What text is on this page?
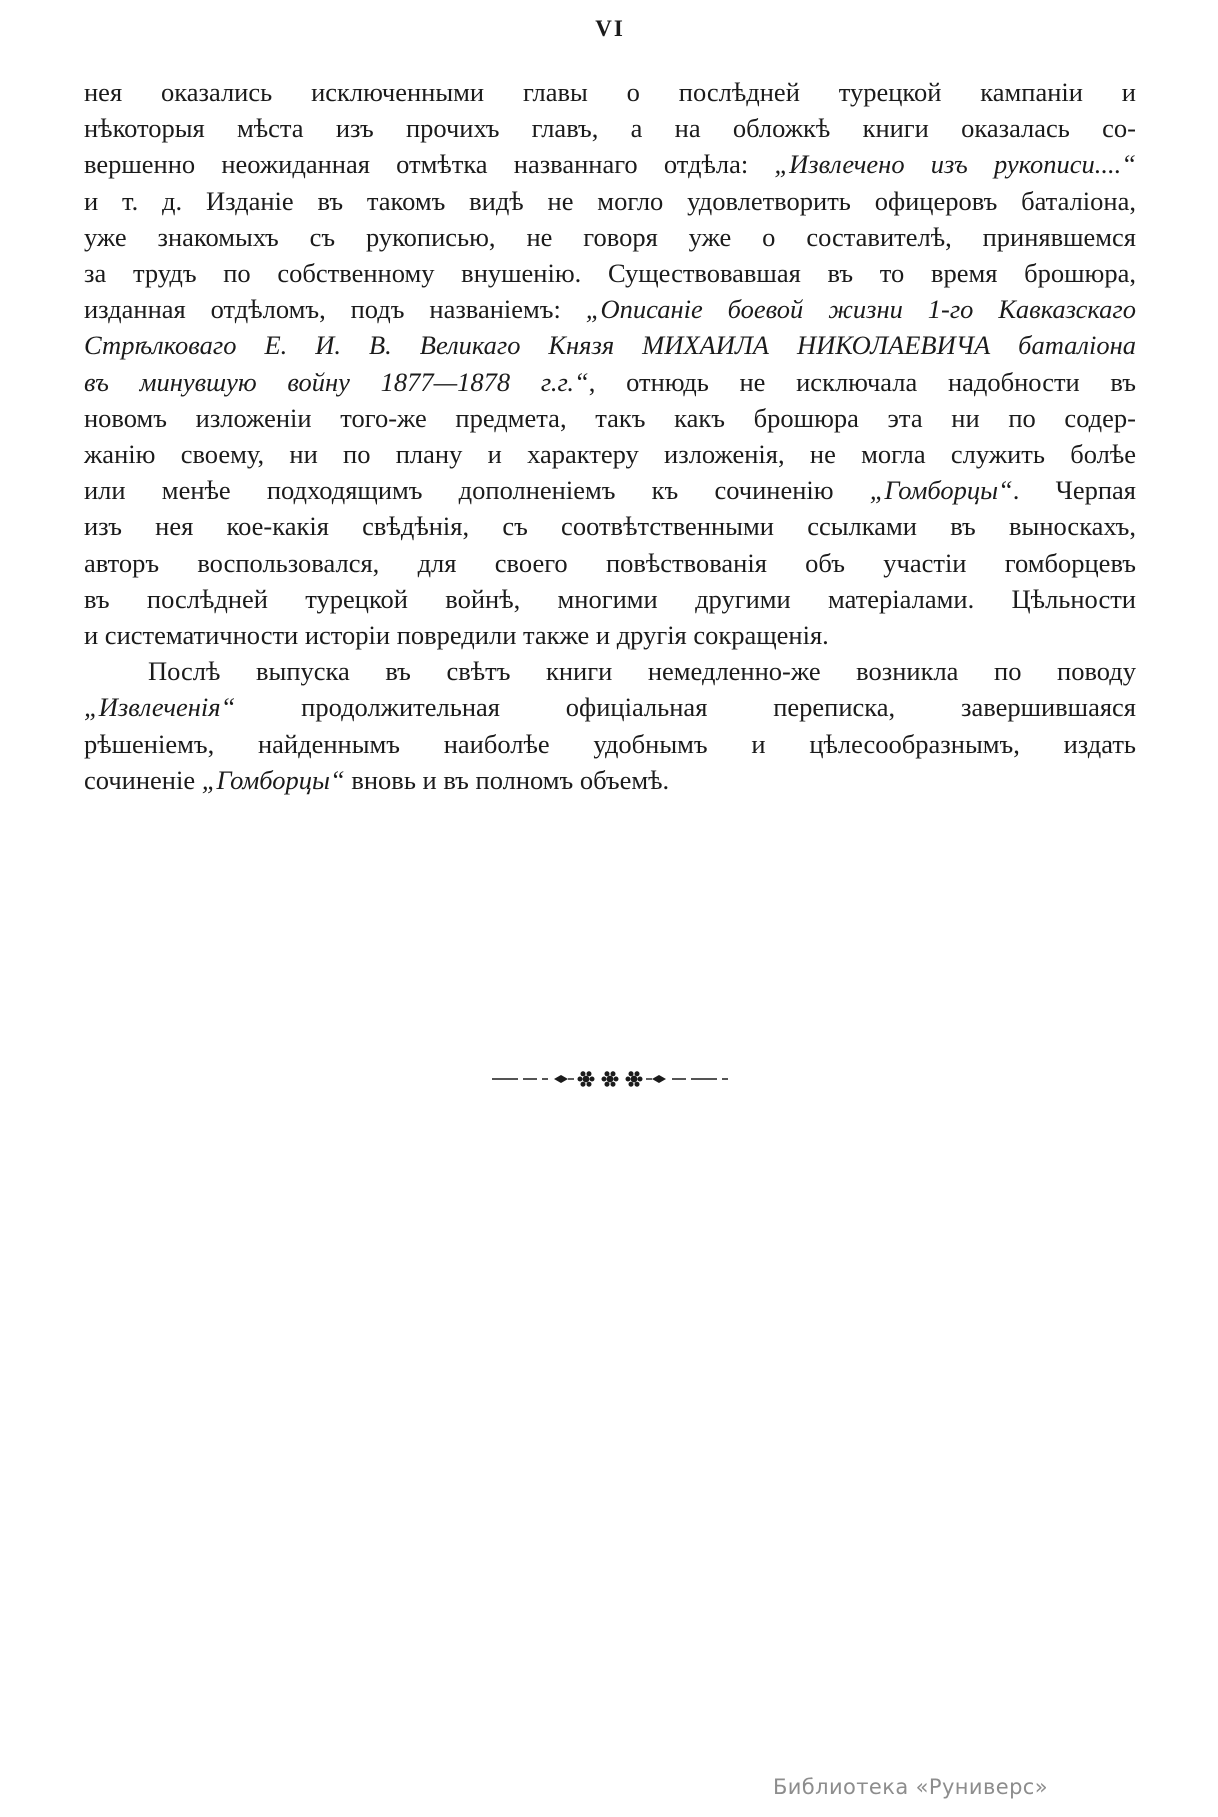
VI
нея оказались исключенными главы о послѣдней турецкой кампаніи и
нѣкоторыя мѣста изъ прочихъ главъ, а на обложкѣ книги оказалась со-
вершенно неожиданная отмѣтка названнаго отдѣла: „Извлечено изъ рукописи....“
и т. д. Изданіе въ такомъ видѣ не могло удовлетворить офицеровъ баталіона,
уже знакомыхъ съ рукописью, не говоря уже о составителѣ, принявшемся
за трудъ по собственному внушенію. Существовавшая въ то время брошюра,
изданная отдѣломъ, подъ названіемъ: „Описаніе боевой жизни 1-го Кавказскаго
Стрѣлковаго Е. И. В. Великаго Князя МИХАИЛА НИКОЛАЕВИЧА баталіона
въ минувшую войну 1877—1878 г.г.“, отнюдь не исключала надобности въ
новомъ изложеніи того-же предмета, такъ какъ брошюра эта ни по содер-
жанію своему, ни по плану и характеру изложенія, не могла служить болѣе
или менѣе подходящимъ дополненіемъ къ сочиненію „Гомборцы“. Черпая
изъ нея кое-какія свѣдѣнія, съ соотвѣтственными ссылками въ выноскахъ,
авторъ воспользовался, для своего повѣствованія объ участіи гомборцевъ
въ послѣдней турецкой войнѣ, многими другими матеріалами. Цѣльности
и систематичности исторіи повредили также и другія сокращенія.
Послѣ выпуска въ свѣтъ книги немедленно-же возникла по поводу
„Извлеченія“ продолжительная офиціальная переписка, завершившаяся
рѣшеніемъ, найденнымъ наиболѣе удобнымъ и цѣлесообразнымъ, издать
сочиненіе „Гомборцы“ вновь и въ полномъ объемѣ.
Библиотека «Руниверс»
